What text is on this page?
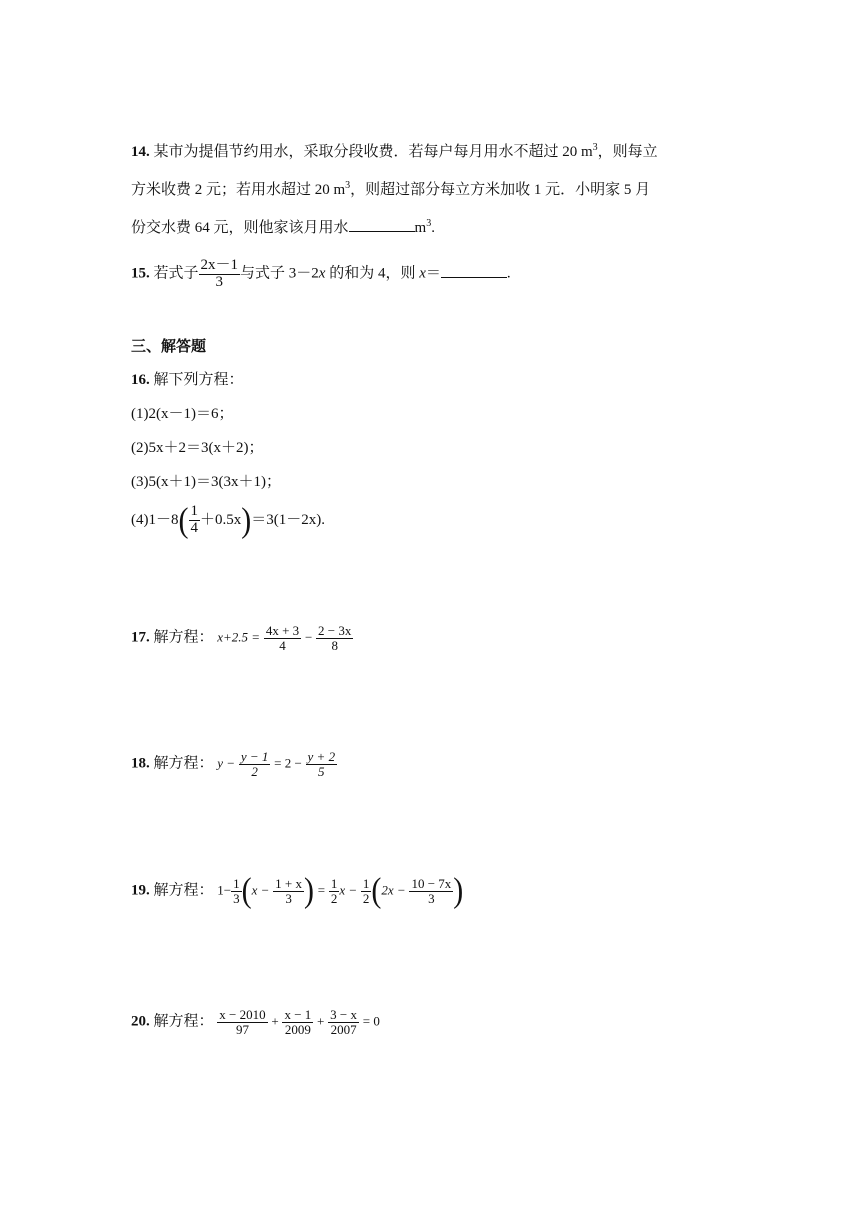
14. 某市为提倡节约用水，采取分段收费．若每户每月用水不超过 20 $m^3$，则每立
方米收费 2 元；若用水超过 20 $m^3$，则超过部分每立方米加收 1 元．小明家 5 月
份交水费 64 元，则他家该月用水	$m^3$.
15. 若式子 $\frac{2x-1}{3}$ 与式子 3－2x 的和为 4，则 x＝	.
三、解答题
16. 解下列方程：
(1)2(x－1)＝6；
(2)5x＋2＝3(x＋2)；
(3)5(x＋1)＝3(3x＋1)；
$(4)1-8( \frac{1}{4} +0.5x)=3(1-2x)$.
17. 解方程： $x+2.5 = \frac{4x + 3}{4} - \frac{2 - 3x}{8}$
18. 解方程： $y - \frac{y - 1}{2} = 2 - \frac{y + 2}{5}$
19. 解方程： $1- \frac{1}{3} (x - \frac{1 + x}{3}$ ) = $\frac{1}{2}$ $x - \frac{1}{2} (2x - \frac{10 - 7x}{3}$ )
20. 解方程： $\frac{x - 2010}{97} + \frac{x - 1}{2009} + \frac{3 - x}{2007} = 0$
